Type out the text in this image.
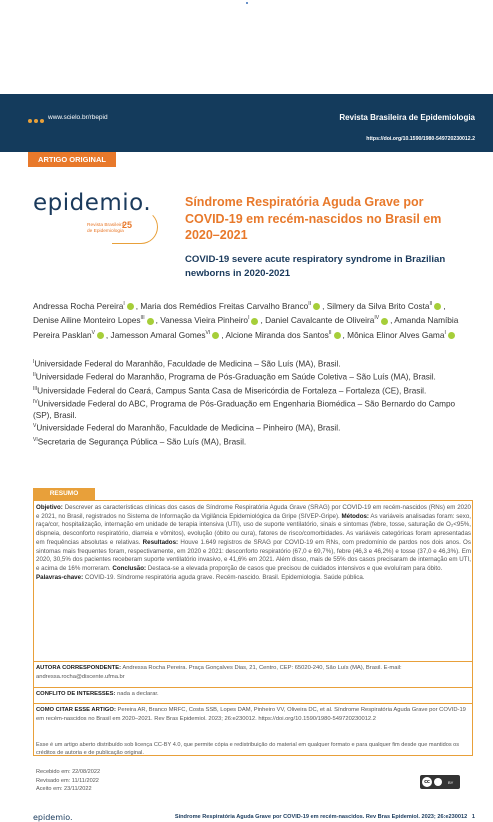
www.scielo.br/rbepid	Revista Brasileira de Epidemiologia
https://doi.org/10.1590/1980-549720230012.2
ARTIGO ORIGINAL
epidemio.
Revista Brasileira
de Epidemiologia
25
Síndrome Respiratória Aguda Grave por COVID-19 em recém-nascidos no Brasil em 2020–2021
COVID-19 severe acute respiratory syndrome in Brazilian newborns in 2020-2021
Andressa Rocha Pereira$^I$ , Maria dos Remédios Freitas Carvalho Branco$^{II}$ , Silmery da Silva Brito Costa$^{II}$ , Denise Ailine Monteiro Lopes$^{III}$ , Vanessa Vieira Pinheiro$^I$ , Daniel Cavalcante de Oliveira$^{IV}$ , Amanda Namíbia Pereira Pasklan$^V$ , Jamesson Amaral Gomes$^{VI}$ , Alcione Miranda dos Santos$^{II}$ , Mônica Elinor Alves Gama$^I$
$^I$Universidade Federal do Maranhão, Faculdade de Medicina – São Luís (MA), Brasil.
$^{II}$Universidade Federal do Maranhão, Programa de Pós-Graduação em Saúde Coletiva – São Luís (MA), Brasil.
$^{III}$Universidade Federal do Ceará, Campus Santa Casa de Misericórdia de Fortaleza – Fortaleza (CE), Brasil.
$^{IV}$Universidade Federal do ABC, Programa de Pós-Graduação em Engenharia Biomédica – São Bernardo do Campo (SP), Brasil.
$^V$Universidade Federal do Maranhão, Faculdade de Medicina – Pinheiro (MA), Brasil.
$^{VI}$Secretaria de Segurança Pública – São Luís (MA), Brasil.
RESUMO

Objetivo: Descrever as características clínicas dos casos de Síndrome Respiratória Aguda Grave (SRAG) por COVID-19 em recém-nascidos (RNs) em 2020 e 2021, no Brasil, registrados no Sistema de Informação da Vigilância Epidemiológica da Gripe (SIVEP-Gripe). Métodos: As variáveis analisadas foram: sexo, raça/cor, hospitalização, internação em unidade de terapia intensiva (UTI), uso de suporte ventilatório, sinais e sintomas (febre, tosse, saturação de O₂<95%, dispneia, desconforto respiratório, diarreia e vômitos), evolução (óbito ou cura), fatores de risco/comorbidades. As variáveis categóricas foram apresentadas em frequências absolutas e relativas. Resultados: Houve 1.649 registros de SRAG por COVID-19 em RNs, com predomínio de pardos nos dois anos. Os sintomas mais frequentes foram, respectivamente, em 2020 e 2021: desconforto respiratório (67,0 e 69,7%), febre (46,3 e 46,2%) e tosse (37,0 e 46,3%). Em 2020, 30,5% dos pacientes receberam suporte ventilatório invasivo, e 41,6% em 2021. Além disso, mais de 55% dos casos precisaram de internação em UTI, e acima de 16% morreram. Conclusão: Destaca-se a elevada proporção de casos que precisou de cuidados intensivos e que evoluíram para óbito.

Palavras-chave: COVID-19. Síndrome respiratória aguda grave. Recém-nascido. Brasil. Epidemiologia. Saúde pública.

AUTORA CORRESPONDENTE: Andressa Rocha Pereira. Praça Gonçalves Dias, 21, Centro, CEP: 65020-240, São Luís (MA), Brasil. E-mail: andressa.rocha@discente.ufma.br
CONFLITO DE INTERESSES: nada a declarar.
COMO CITAR ESSE ARTIGO: Pereira AR, Branco MRFC, Costa SSB, Lopes DAM, Pinheiro VV, Oliveira DC, et al. Síndrome Respiratória Aguda Grave por COVID-19 em recém-nascidos no Brasil em 2020–2021. Rev Bras Epidemiol. 2023; 26:e230012. https://doi.org/10.1590/1980-549720230012.2
Esse é um artigo aberto distribuído sob licença CC-BY 4.0, que permite cópia e redistribuição do material em qualquer formato e para qualquer fim desde que mantidos os créditos de autoria e de publicação original.
Recebido em: 22/08/2022
Revisado em: 11/11/2022
Aceito em: 23/11/2022
cc	BY
epidemio.	Síndrome Respiratória Aguda Grave por COVID-19 em recém-nascidos. Rev Bras Epidemiol. 2023; 26:e230012 1
